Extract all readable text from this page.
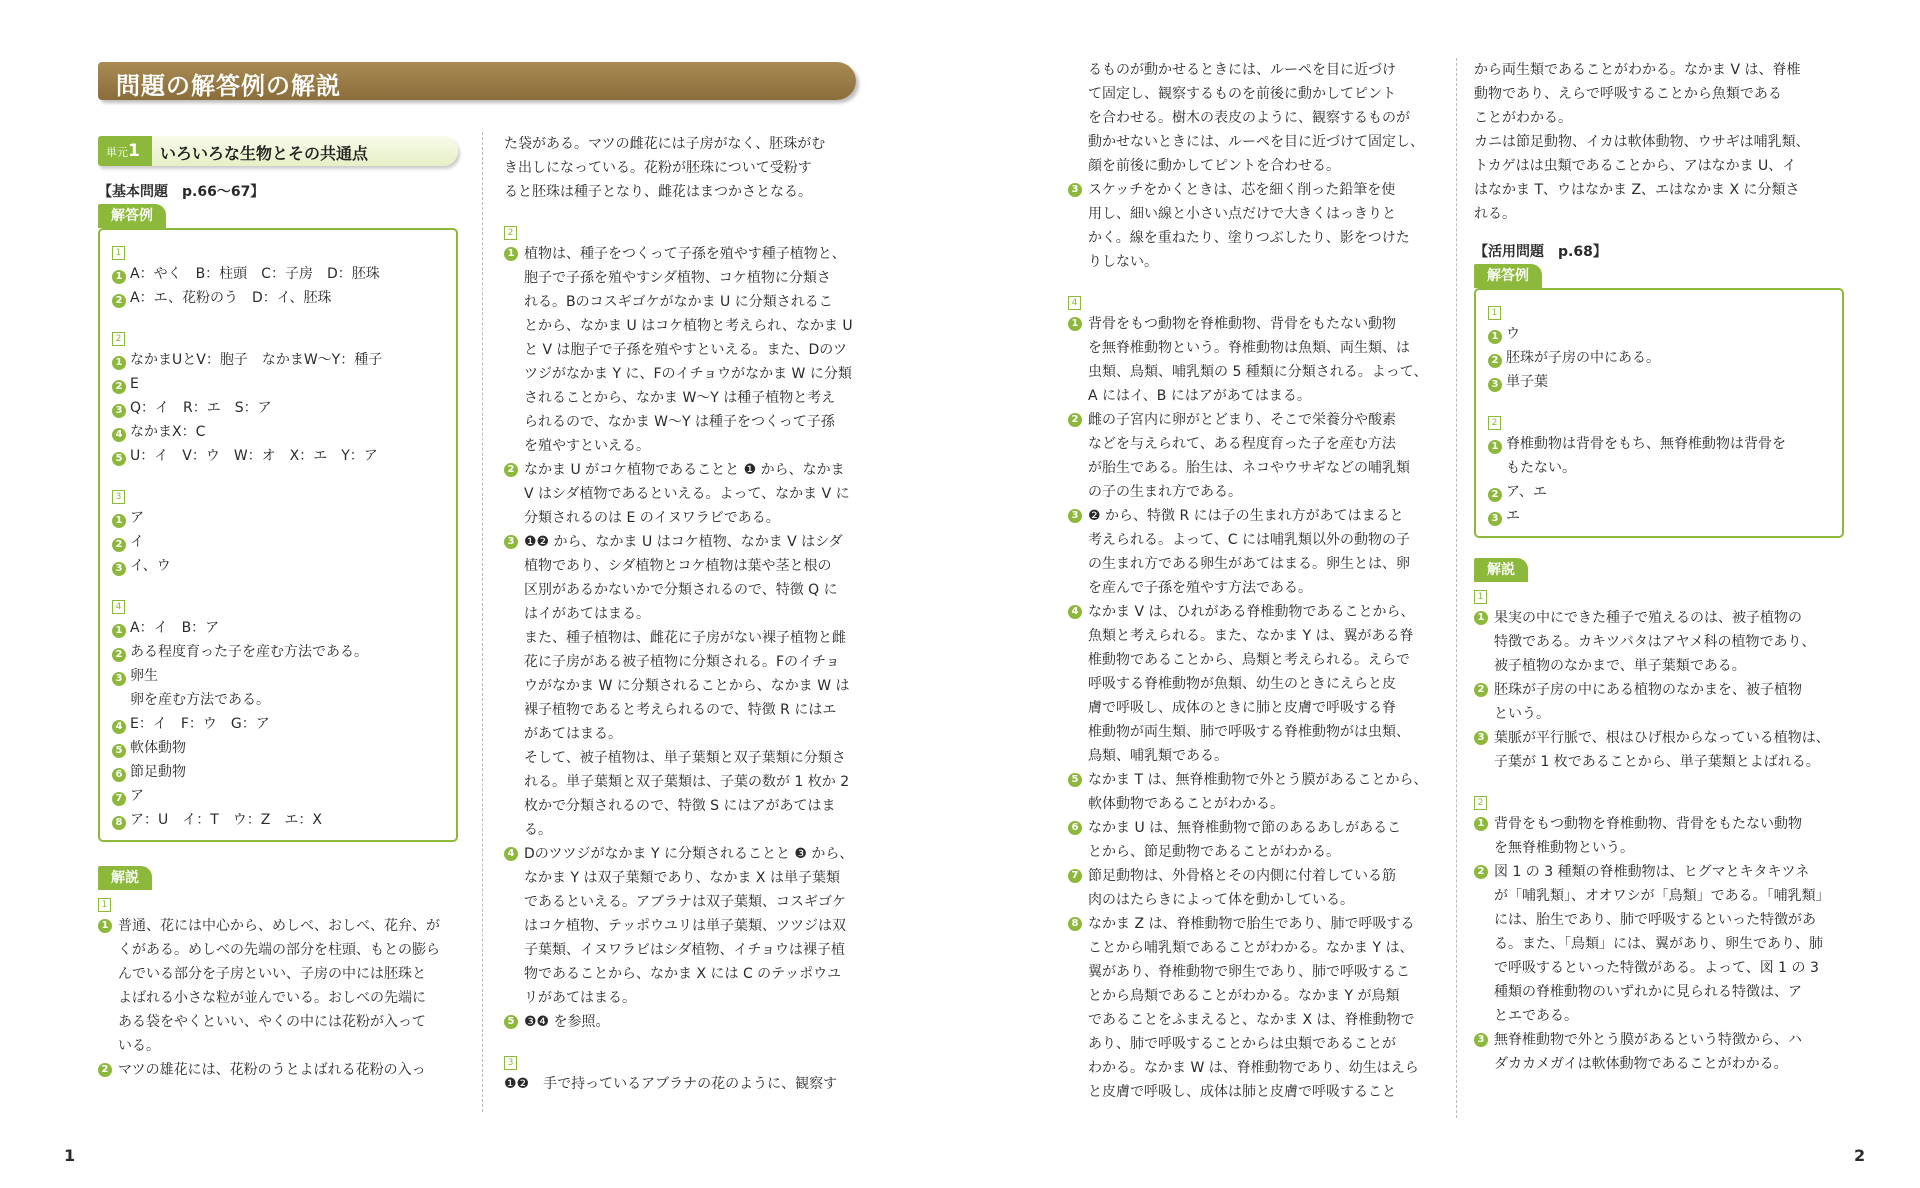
問題の解答例の解説
単元1	いろいろな生物とその共通点
【基本問題　p.66～67】
解答例
1
1 A：やく　B：柱頭　C：子房　D：胚珠
2 A：エ、花粉のう　D：イ、胚珠
2
1 なかまUとV：胞子　なかまW～Y：種子
2 E
3 Q：イ　R：エ　S：ア
4 なかまX：C
5 U：イ　V：ウ　W：オ　X：エ　Y：ア
3
1 ア
2 イ
3 イ、ウ
4
1 A：イ　B：ア
2 ある程度育った子を産む方法である。
3 卵生
卵を産む方法である。
4 E：イ　F：ウ　G：ア
5 軟体動物
6 節足動物
7 ア
8 ア：U　イ：T　ウ：Z　エ：X
解説
1
1 普通、花には中心から、めしべ、おしべ、花弁、が

くがある。めしべの先端の部分を柱頭、もとの膨ら

んでいる部分を子房といい、子房の中には胚珠と

よばれる小さな粒が並んでいる。おしべの先端に

ある袋をやくといい、やくの中には花粉が入って

いる。

2 マツの雄花には、花粉のうとよばれる花粉の入っ

た袋がある。マツの雌花には子房がなく、胚珠がむ
き出しになっている。花粉が胚珠について受粉す
ると胚珠は種子となり、雌花はまつかさとなる。
2
1 植物は、種子をつくって子孫を殖やす種子植物と、

胞子で子孫を殖やすシダ植物、コケ植物に分類さ

れる。Bのコスギゴケがなかま U に分類されるこ

とから、なかま U はコケ植物と考えられ、なかま U

と V は胞子で子孫を殖やすといえる。また、Dのツ

ツジがなかま Y に、Fのイチョウがなかま W に分類

されることから、なかま W～Y は種子植物と考え

られるので、なかま W～Y は種子をつくって子孫

を殖やすといえる。

2 なかま U がコケ植物であることと ❶ から、なかま

V はシダ植物であるといえる。よって、なかま V に

分類されるのは E のイヌワラビである。

3 ❶❷ から、なかま U はコケ植物、なかま V はシダ

植物であり、シダ植物とコケ植物は葉や茎と根の

区別があるかないかで分類されるので、特徴 Q に

はイがあてはまる。

また、種子植物は、雌花に子房がない裸子植物と雌

花に子房がある被子植物に分類される。Fのイチョ

ウがなかま W に分類されることから、なかま W は

裸子植物であると考えられるので、特徴 R にはエ

があてはまる。

そして、被子植物は、単子葉類と双子葉類に分類さ

れる。単子葉類と双子葉類は、子葉の数が 1 枚か 2

枚かで分類されるので、特徴 S にはアがあてはま

る。

4 Dのツツジがなかま Y に分類されることと ❸ から、

なかま Y は双子葉類であり、なかま X は単子葉類

であるといえる。アブラナは双子葉類、コスギゴケ

はコケ植物、テッポウユリは単子葉類、ツツジは双

子葉類、イヌワラビはシダ植物、イチョウは裸子植

物であることから、なかま X には C のテッポウユ

リがあてはまる。

5 ❸❹ を参照。

3
❶❷　手で持っているアブラナの花のように、観察す
るものが動かせるときには、ルーペを目に近づけ
て固定し、観察するものを前後に動かしてピント
を合わせる。樹木の表皮のように、観察するものが
動かせないときには、ルーペを目に近づけて固定し、
顔を前後に動かしてピントを合わせる。
3 スケッチをかくときは、芯を細く削った鉛筆を使

用し、細い線と小さい点だけで大きくはっきりと

かく。線を重ねたり、塗りつぶしたり、影をつけた

りしない。

4
1 背骨をもつ動物を脊椎動物、背骨をもたない動物

を無脊椎動物という。脊椎動物は魚類、両生類、は

虫類、鳥類、哺乳類の 5 種類に分類される。よって、

A にはイ、B にはアがあてはまる。

2 雌の子宮内に卵がとどまり、そこで栄養分や酸素

などを与えられて、ある程度育った子を産む方法

が胎生である。胎生は、ネコやウサギなどの哺乳類

の子の生まれ方である。

3 ❷ から、特徴 R には子の生まれ方があてはまると

考えられる。よって、C には哺乳類以外の動物の子

の生まれ方である卵生があてはまる。卵生とは、卵

を産んで子孫を殖やす方法である。

4 なかま V は、ひれがある脊椎動物であることから、

魚類と考えられる。また、なかま Y は、翼がある脊

椎動物であることから、鳥類と考えられる。えらで

呼吸する脊椎動物が魚類、幼生のときにえらと皮

膚で呼吸し、成体のときに肺と皮膚で呼吸する脊

椎動物が両生類、肺で呼吸する脊椎動物がは虫類、

鳥類、哺乳類である。

5 なかま T は、無脊椎動物で外とう膜があることから、

軟体動物であることがわかる。

6 なかま U は、無脊椎動物で節のあるあしがあるこ

とから、節足動物であることがわかる。

7 節足動物は、外骨格とその内側に付着している筋

肉のはたらきによって体を動かしている。

8 なかま Z は、脊椎動物で胎生であり、肺で呼吸する

ことから哺乳類であることがわかる。なかま Y は、

翼があり、脊椎動物で卵生であり、肺で呼吸するこ

とから鳥類であることがわかる。なかま Y が鳥類

であることをふまえると、なかま X は、脊椎動物で

あり、肺で呼吸することからは虫類であることが

わかる。なかま W は、脊椎動物であり、幼生はえら

と皮膚で呼吸し、成体は肺と皮膚で呼吸すること

から両生類であることがわかる。なかま V は、脊椎
動物であり、えらで呼吸することから魚類である
ことがわかる。
カニは節足動物、イカは軟体動物、ウサギは哺乳類、
トカゲはは虫類であることから、アはなかま U、イ
はなかま T、ウはなかま Z、エはなかま X に分類さ
れる。
【活用問題　p.68】
解答例
1
1 ウ
2 胚珠が子房の中にある。
3 単子葉
2
1 脊椎動物は背骨をもち、無脊椎動物は背骨を
もたない。
2 ア、エ
3 エ
解説
1
1 果実の中にできた種子で殖えるのは、被子植物の

特徴である。カキツバタはアヤメ科の植物であり、

被子植物のなかまで、単子葉類である。

2 胚珠が子房の中にある植物のなかまを、被子植物

という。

3 葉脈が平行脈で、根はひげ根からなっている植物は、

子葉が 1 枚であることから、単子葉類とよばれる。

2
1 背骨をもつ動物を脊椎動物、背骨をもたない動物

を無脊椎動物という。

2 図 1 の 3 種類の脊椎動物は、ヒグマとキタキツネ

が「哺乳類」、オオワシが「鳥類」である。「哺乳類」

には、胎生であり、肺で呼吸するといった特徴があ

る。また、「鳥類」には、翼があり、卵生であり、肺

で呼吸するといった特徴がある。よって、図 1 の 3

種類の脊椎動物のいずれかに見られる特徴は、ア

とエである。

3 無脊椎動物で外とう膜があるという特徴から、ハ

ダカカメガイは軟体動物であることがわかる。

1	2
